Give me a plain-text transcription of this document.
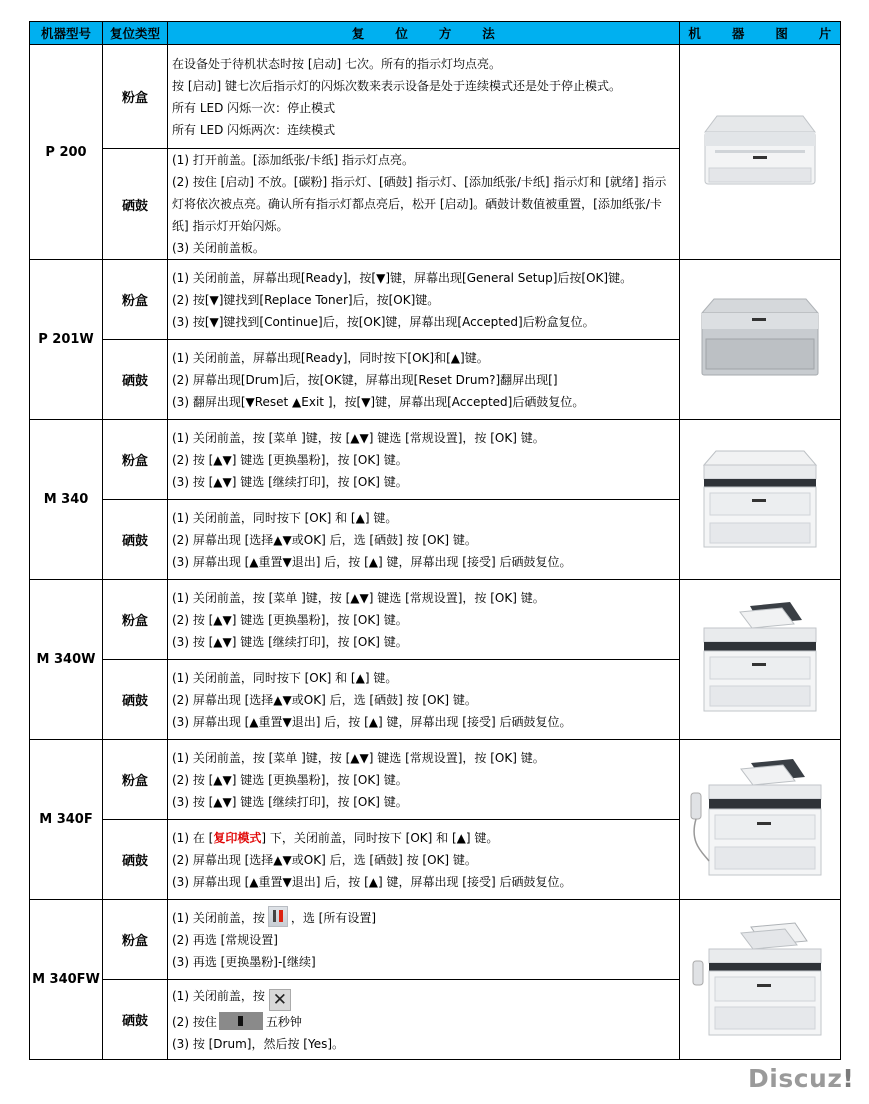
机器型号	复位类型	复 位 方 法	机 器 图 片
P 200	粉盒	在设备处于待机状态时按 [启动] 七次。所有的指示灯均点亮。
按 [启动] 键七次后指示灯的闪烁次数来表示设备是处于连续模式还是处于停止模式。
所有 LED 闪烁一次：停止模式
所有 LED 闪烁两次：连续模式

	硒鼓	(1) 打开前盖。[添加纸张/卡纸] 指示灯点亮。
(2) 按住 [启动] 不放。[碳粉] 指示灯、[硒鼓] 指示灯、[添加纸张/卡纸] 指示灯和 [就绪] 指示灯将依次被点亮。确认所有指示灯都点亮后，松开 [启动]。硒鼓计数值被重置，[添加纸张/卡纸] 指示灯开始闪烁。
(3) 关闭前盖板。	

P 201W	粉盒	(1) 关闭前盖，屏幕出现[Ready]，按[▼]键，屏幕出现[General Setup]后按[OK]键。
(2) 按[▼]键找到[Replace Toner]后，按[OK]键。
(3) 按[▼]键找到[Continue]后，按[OK]键，屏幕出现[Accepted]后粉盒复位。

	硒鼓	(1) 关闭前盖，屏幕出现[Ready]，同时按下[OK]和[▲]键。
(2) 屏幕出现[Drum]后，按[OK键，屏幕出现[Reset Drum?]翻屏出现[]
(3) 翻屏出现[▼Reset ▲Exit ]，按[▼]键，屏幕出现[Accepted]后硒鼓复位。	

M 340	粉盒	(1) 关闭前盖，按 [菜单 ]键，按 [▲▼] 键选 [常规设置]，按 [OK] 键。
(2) 按 [▲▼] 键选 [更换墨粉]，按 [OK] 键。
(3) 按 [▲▼] 键选 [继续打印]，按 [OK] 键。

	硒鼓	(1) 关闭前盖，同时按下 [OK] 和 [▲] 键。
(2) 屏幕出现 [选择▲▼或OK] 后，选 [硒鼓] 按 [OK] 键。
(3) 屏幕出现 [▲重置▼退出] 后，按 [▲] 键，屏幕出现 [接受] 后硒鼓复位。	

M 340W	粉盒	(1) 关闭前盖，按 [菜单 ]键，按 [▲▼] 键选 [常规设置]，按 [OK] 键。
(2) 按 [▲▼] 键选 [更换墨粉]，按 [OK] 键。
(3) 按 [▲▼] 键选 [继续打印]，按 [OK] 键。

	硒鼓	(1) 关闭前盖，同时按下 [OK] 和 [▲] 键。
(2) 屏幕出现 [选择▲▼或OK] 后，选 [硒鼓] 按 [OK] 键。
(3) 屏幕出现 [▲重置▼退出] 后，按 [▲] 键，屏幕出现 [接受] 后硒鼓复位。	

M 340F	粉盒	(1) 关闭前盖，按 [菜单 ]键，按 [▲▼] 键选 [常规设置]，按 [OK] 键。
(2) 按 [▲▼] 键选 [更换墨粉]，按 [OK] 键。
(3) 按 [▲▼] 键选 [继续打印]，按 [OK] 键。

	硒鼓	(1) 在 [复印模式] 下，关闭前盖，同时按下 [OK] 和 [▲] 键。
(2) 屏幕出现 [选择▲▼或OK] 后，选 [硒鼓] 按 [OK] 键。
(3) 屏幕出现 [▲重置▼退出] 后，按 [▲] 键，屏幕出现 [接受] 后硒鼓复位。	

M 340FW	粉盒	(1) 关闭前盖，按 ，选 [所有设置]
(2) 再选 [常规设置]
(3) 再选 [更换墨粉]-[继续]

	硒鼓	(1) 关闭前盖，按 ✕
(2) 按住 五秒钟
(3) 按 [Drum]，然后按 [Yes]。	
Discuz!
